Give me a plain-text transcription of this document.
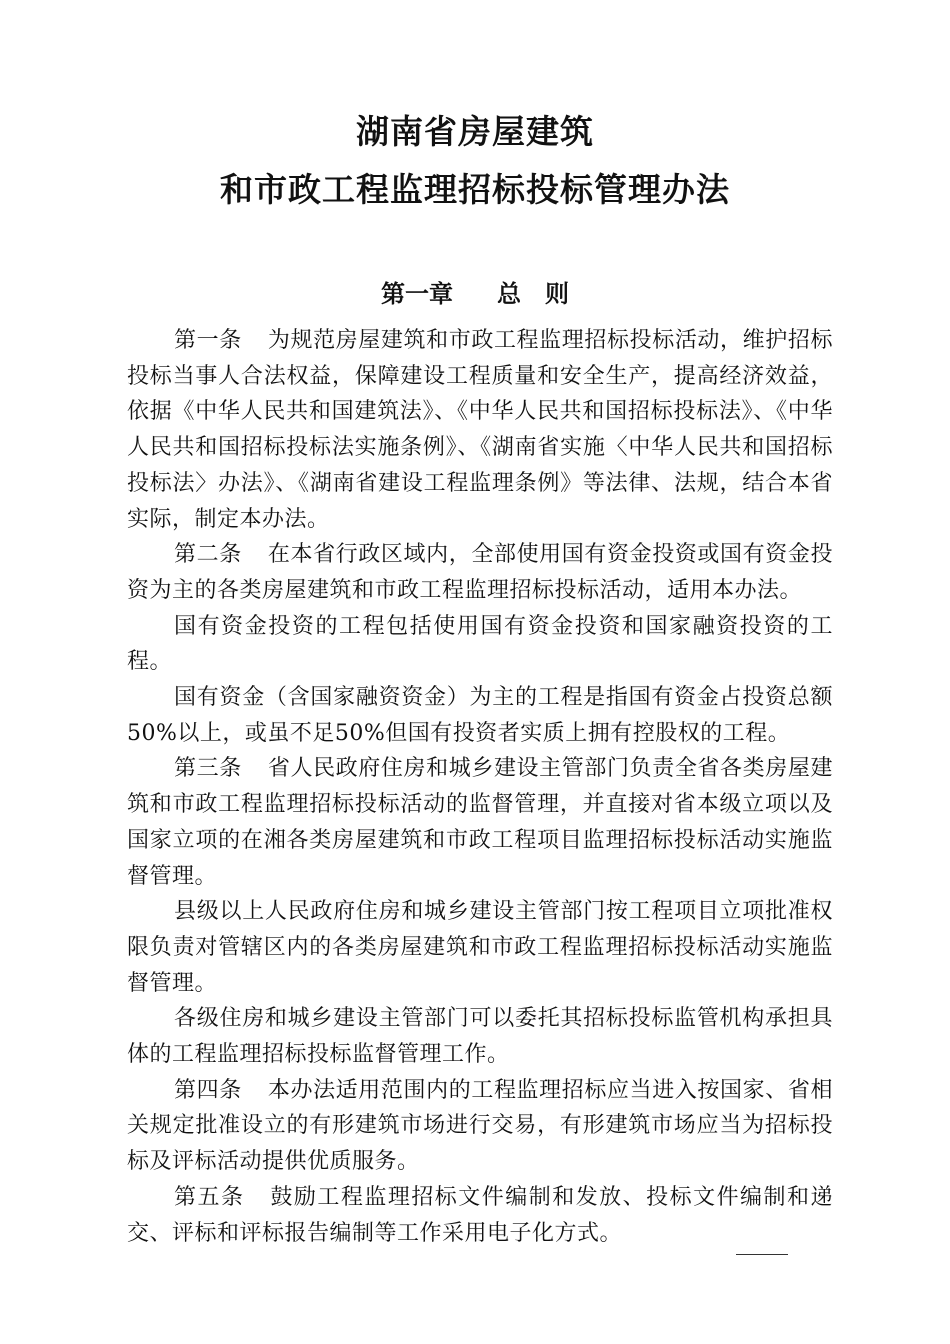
湖南省房屋建筑
和市政工程监理招标投标管理办法
第一章 总则

第一条 为规范房屋建筑和市政工程监理招标投标活动，维护招标投标当事人合法权益，保障建设工程质量和安全生产，提高经济效益，依据《中华人民共和国建筑法》、《中华人民共和国招标投标法》、《中华人民共和国招标投标法实施条例》、《湖南省实施〈中华人民共和国招标投标法〉办法》、《湖南省建设工程监理条例》等法律、法规，结合本省实际，制定本办法。

第二条 在本省行政区域内，全部使用国有资金投资或国有资金投资为主的各类房屋建筑和市政工程监理招标投标活动，适用本办法。

国有资金投资的工程包括使用国有资金投资和国家融资投资的工程。

国有资金（含国家融资资金）为主的工程是指国有资金占投资总额50%以上，或虽不足50%但国有投资者实质上拥有控股权的工程。

第三条 省人民政府住房和城乡建设主管部门负责全省各类房屋建筑和市政工程监理招标投标活动的监督管理，并直接对省本级立项以及国家立项的在湘各类房屋建筑和市政工程项目监理招标投标活动实施监督管理。

县级以上人民政府住房和城乡建设主管部门按工程项目立项批准权限负责对管辖区内的各类房屋建筑和市政工程监理招标投标活动实施监督管理。

各级住房和城乡建设主管部门可以委托其招标投标监管机构承担具体的工程监理招标投标监督管理工作。

第四条 本办法适用范围内的工程监理招标应当进入按国家、省相关规定批准设立的有形建筑市场进行交易，有形建筑市场应当为招标投标及评标活动提供优质服务。

第五条 鼓励工程监理招标文件编制和发放、投标文件编制和递交、评标和评标报告编制等工作采用电子化方式。
